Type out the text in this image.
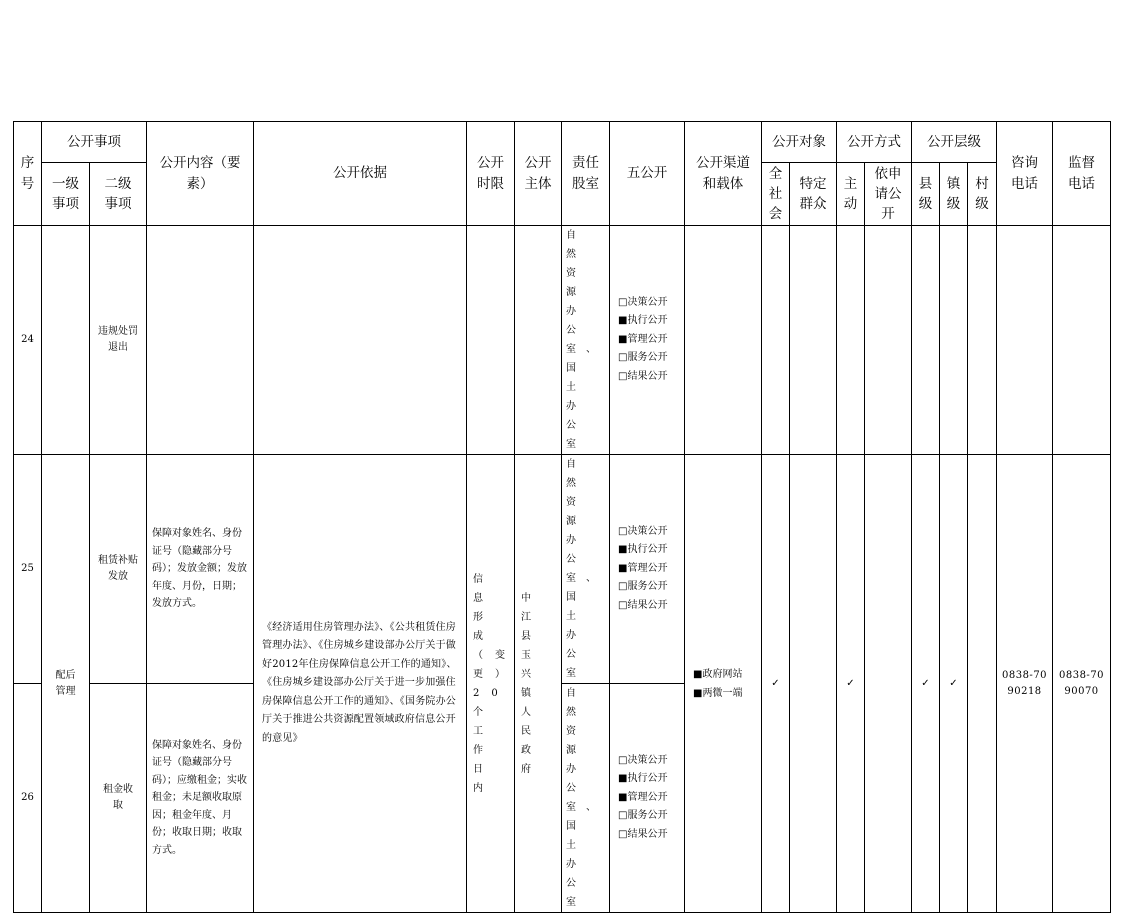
序号	公开事项		公开内容（要素）	公开依据	公开时限	公开主体	责任股室	五公开	公开渠道和载体	公开对象		公开方式		公开层级			咨询电话	监督电话
	一级事项	二级事项								全社会	特定群众	主动	依申请公开	县级	镇级	村级		
24		违规处罚退出					自然资源办公室、国土办公室	□决策公开
■执行公开
■管理公开
□服务公开
□结果公开										

25	配后管理	租赁补贴发放	保障对象姓名、身份证号（隐藏部分号码）；发放金额；发放年度、月份，日期；发放方式。	《经济适用住房管理办法》、《公共租赁住房管理办法》、《住房城乡建设部办公厅关于做好2012年住房保障信息公开工作的通知》、《住房城乡建设部办公厅关于进一步加强住房保障信息公开工作的通知》、《国务院办公厅关于推进公共资源配置领域政府信息公开的意见》	信息形成（变更）20个工作日内	中江县玉兴镇人民政府	自然资源办公室、国土办公室	□决策公开
■执行公开
■管理公开
□服务公开
□结果公开	■政府网站
■两微一端	✓		✓		✓	✓		0838-7090218	0838-7090070
26		租金收取	保障对象姓名、身份证号（隐藏部分号码）；应缴租金；实收租金；未足额收取原因；租金年度、月份；收取日期；收取方式。				自然资源办公室、国土办公室	□决策公开
■执行公开
■管理公开
□服务公开
□结果公开										
